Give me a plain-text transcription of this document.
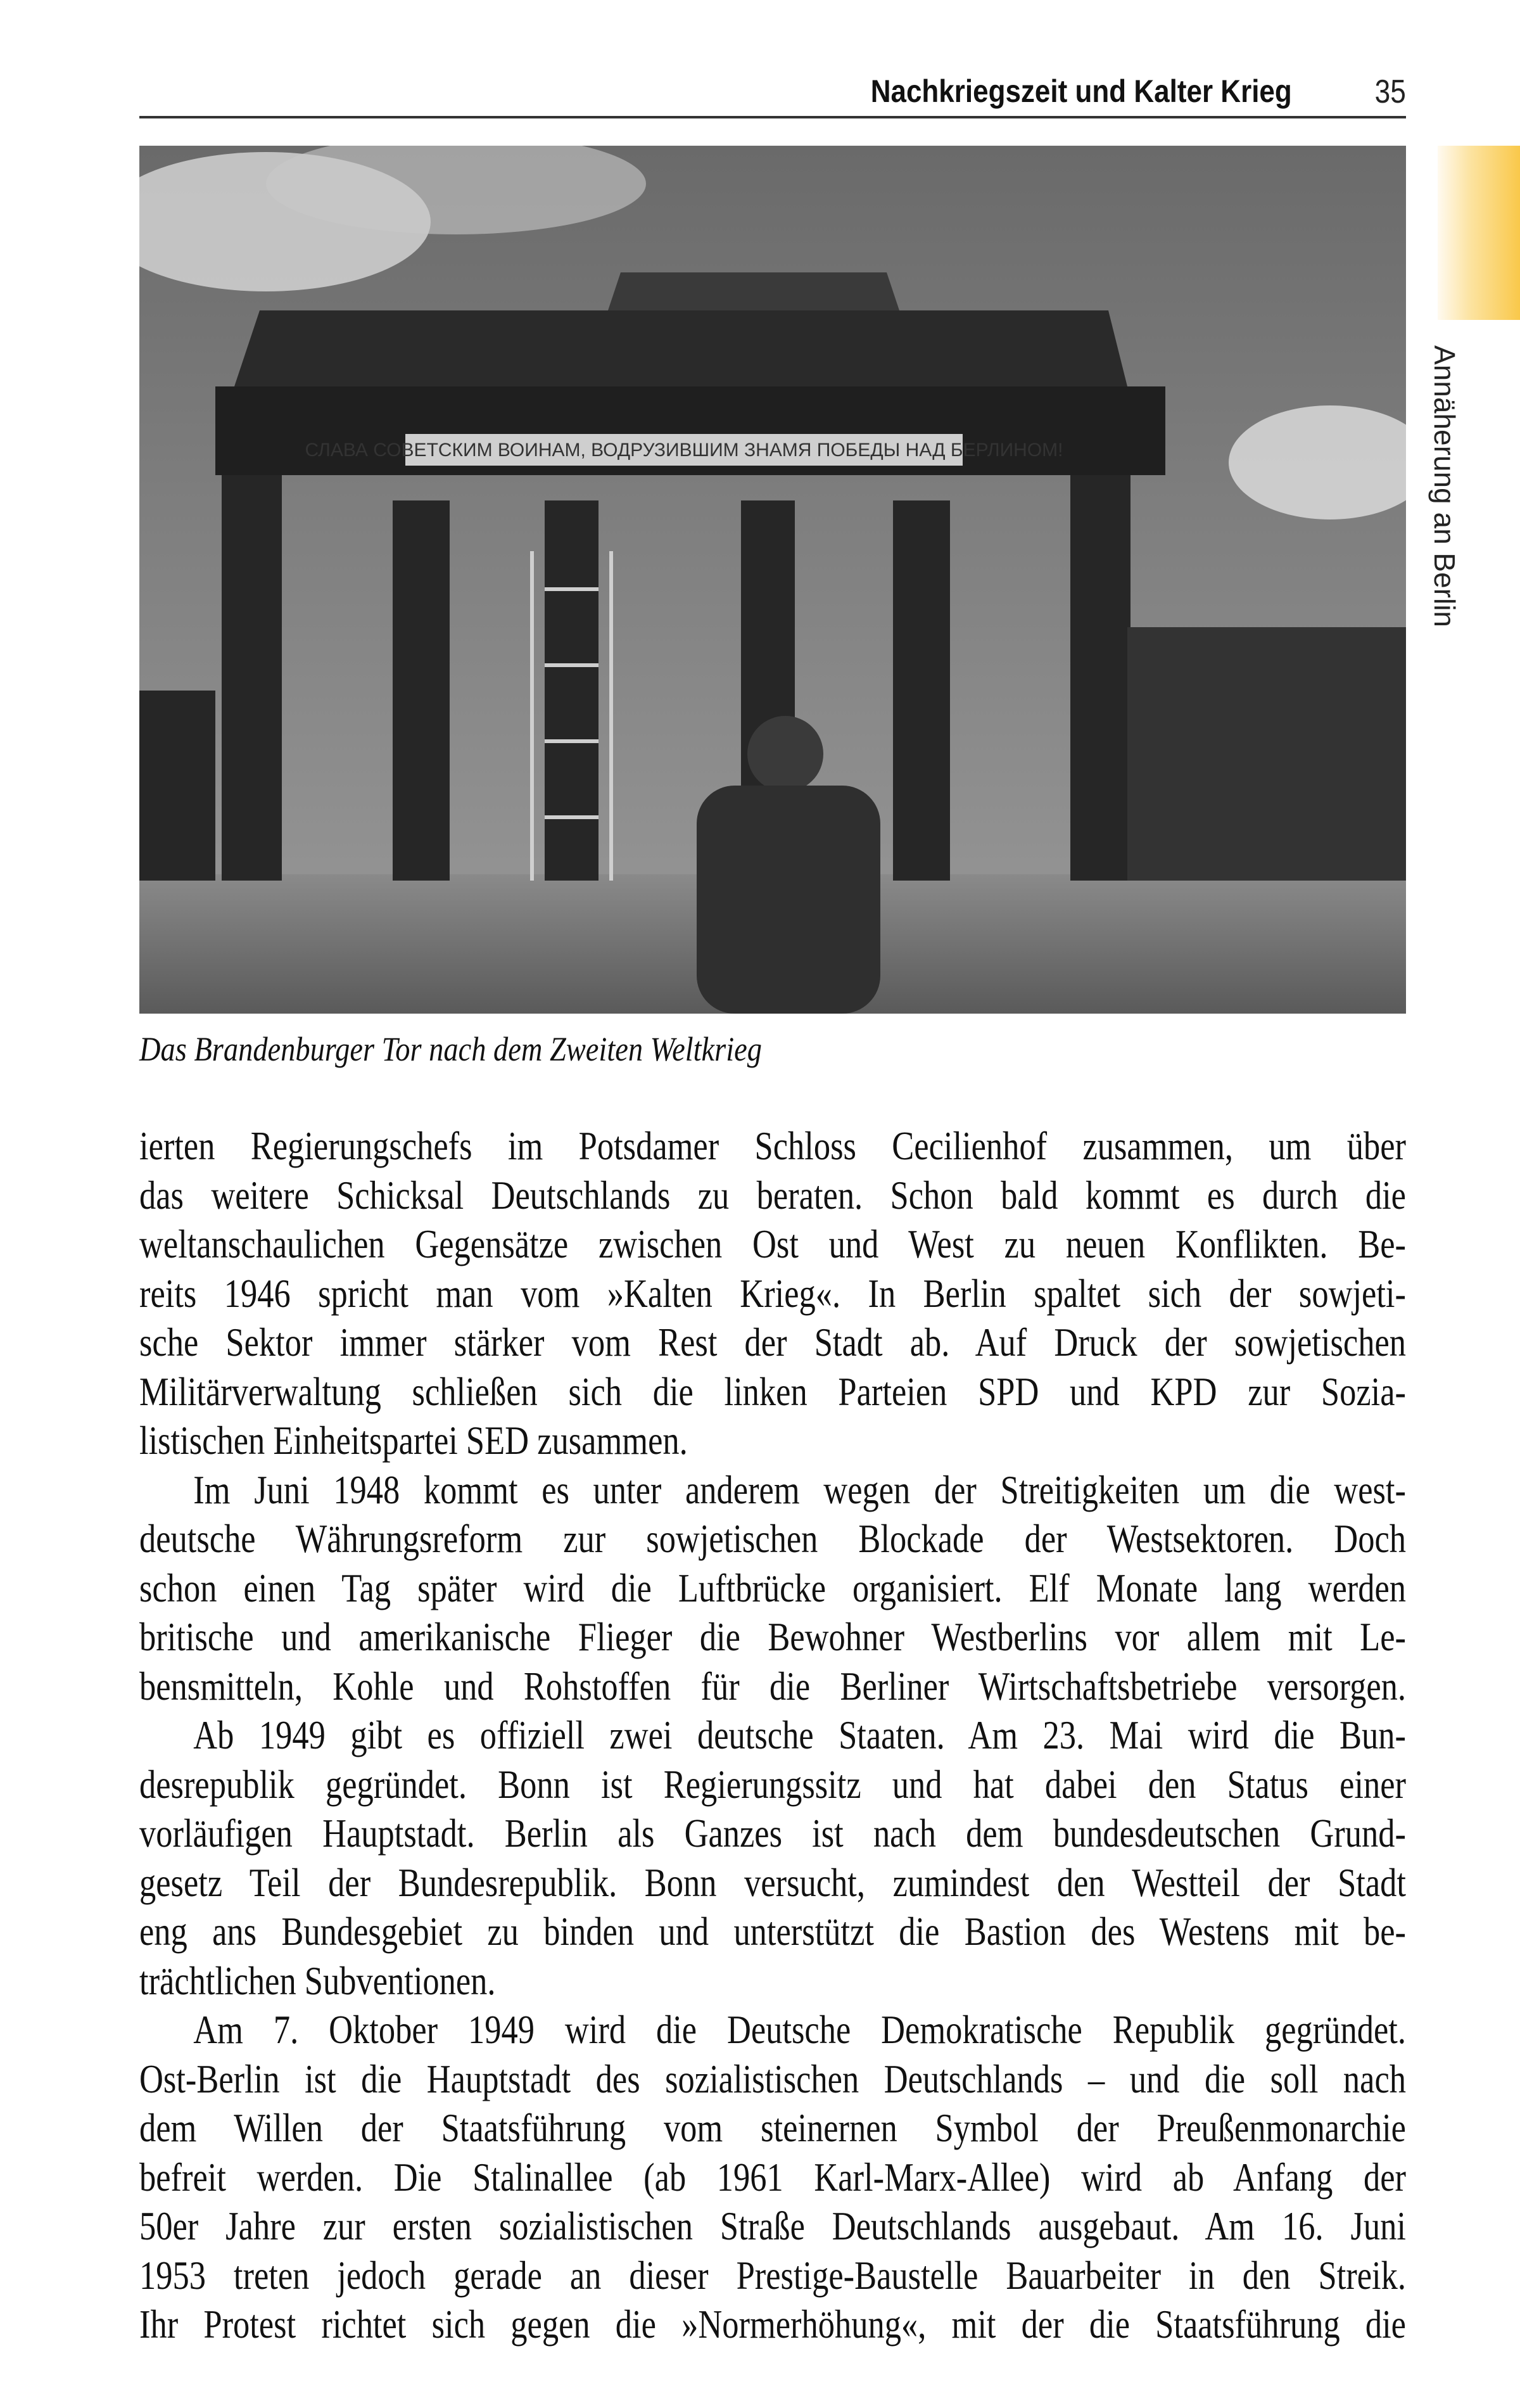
Nachkriegszeit und Kalter Krieg	35
Annäherung an Berlin
СЛАВА СОВЕТСКИМ ВОИНАМ, ВОДРУЗИВШИМ ЗНАМЯ ПОБЕДЫ НАД БЕРЛИНОМ!
Das Brandenburger Tor nach dem Zweiten Weltkrieg
ierten Regierungschefs im Potsdamer Schloss Cecilienhof zusammen, um über
das weitere Schicksal Deutschlands zu beraten. Schon bald kommt es durch die
weltanschaulichen Gegensätze zwischen Ost und West zu neuen Konflikten. Be-
reits 1946 spricht man vom »Kalten Krieg«. In Berlin spaltet sich der sowjeti-
sche Sektor immer stärker vom Rest der Stadt ab. Auf Druck der sowjetischen
Militärverwaltung schließen sich die linken Parteien SPD und KPD zur Sozia-
listischen Einheitspartei SED zusammen.
Im Juni 1948 kommt es unter anderem wegen der Streitigkeiten um die west-
deutsche Währungsreform zur sowjetischen Blockade der Westsektoren. Doch
schon einen Tag später wird die Luftbrücke organisiert. Elf Monate lang werden
britische und amerikanische Flieger die Bewohner Westberlins vor allem mit Le-
bensmitteln, Kohle und Rohstoffen für die Berliner Wirtschaftsbetriebe versorgen.
Ab 1949 gibt es offiziell zwei deutsche Staaten. Am 23. Mai wird die Bun-
desrepublik gegründet. Bonn ist Regierungssitz und hat dabei den Status einer
vorläufigen Hauptstadt. Berlin als Ganzes ist nach dem bundesdeutschen Grund-
gesetz Teil der Bundesrepublik. Bonn versucht, zumindest den Westteil der Stadt
eng ans Bundesgebiet zu binden und unterstützt die Bastion des Westens mit be-
trächtlichen Subventionen.
Am 7. Oktober 1949 wird die Deutsche Demokratische Republik gegründet.
Ost-Berlin ist die Hauptstadt des sozialistischen Deutschlands – und die soll nach
dem Willen der Staatsführung vom steinernen Symbol der Preußenmonarchie
befreit werden. Die Stalinallee (ab 1961 Karl-Marx-Allee) wird ab Anfang der
50er Jahre zur ersten sozialistischen Straße Deutschlands ausgebaut. Am 16. Juni
1953 treten jedoch gerade an dieser Prestige-Baustelle Bauarbeiter in den Streik.
Ihr Protest richtet sich gegen die »Normerhöhung«, mit der die Staatsführung die
